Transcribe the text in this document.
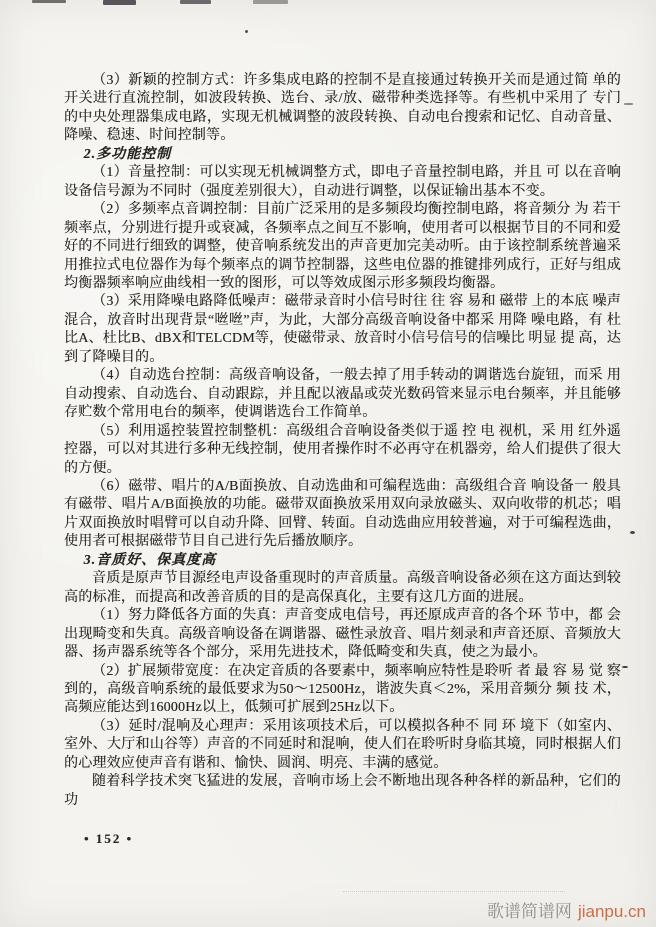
（3）新颖的控制方式：许多集成电路的控制不是直接通过转换开关而是通过简 单的开关进行直流控制，如波段转换、选台、录/放、磁带种类选择等。有些机中采用了 专门 的中央处理器集成电路，实现无机械调整的波段转换、自动电台搜索和记忆、自动音量、降噪、稳速、时间控制等。

2.多功能控制

（1）音量控制：可以实现无机械调整方式，即电子音量控制电路，并且 可 以在音响设备信号源为不同时（强度差别很大），自动进行调整，以保证输出基本不变。

（2）多频率点音调控制：目前广泛采用的是多频段均衡控制电路，将音频分 为 若干频率点，分别进行提升或衰减，各频率点之间互不影响，使用者可以根据节目的不同和爱好的不同进行细致的调整，使音响系统发出的声音更加完美动听。由于该控制系统普遍采用推拉式电位器作为每个频率点的调节控制器，这些电位器的推键排列成行，正好与组成均衡器频率响应曲线相一致的图形，可以等效成图示形多频段均衡器。

（3）采用降噪电路降低噪声：磁带录音时小信号时往 往 容 易和 磁带 上的本底 噪声混合，放音时出现背景“咝咝”声，为此，大部分高级音响设备中都采 用降 噪电路，有 杜比A、杜比B、dBX和TELCDM等，使磁带录、放音时小信号信号的信噪比 明显 提 高，达到了降噪目的。

（4）自动选台控制：高级音响设备，一般去掉了用手转动的调谐选台旋钮，而采 用自动搜索、自动选台、自动跟踪，并且配以液晶或荧光数码管来显示电台频率，并且能够存贮数个常用电台的频率，使调谐选台工作简单。

（5）利用遥控装置控制整机：高级组合音响设备类似于遥 控 电 视机，采 用 红外遥控器，可以对其进行多种无线控制，使用者操作时不必再守在机器旁，给人们提供了很大的方便。

（6）磁带、唱片的A/B面换放、自动选曲和可编程选曲：高级组合音 响设备一 般具有磁带、唱片A/B面换放的功能。磁带双面换放采用双向录放磁头、双向收带的机芯；唱片双面换放时唱臂可以自动升降、回臂、转面。自动选曲应用较普遍，对于可编程选曲，使用者可根据磁带节目自己进行先后播放顺序。

3.音质好、保真度高

音质是原声节目源经电声设备重现时的声音质量。高级音响设备必须在这方面达到较高的标准，而提高和改善音质的目的是高保真化，主要有这几方面的进展。

（1）努力降低各方面的失真：声音变成电信号，再还原成声音的各个环 节中，都 会出现畸变和失真。高级音响设备在调谐器、磁性录放音、唱片刻录和声音还原、音频放大器、扬声器系统等各个部分，采用先进技术，降低畸变和失真，使之为最小。

（2）扩展频带宽度：在决定音质的各要素中，频率响应特性是聆听 者 最 容 易 觉 察到的，高级音响系统的最低要求为50～12500Hz，谐波失真＜2%，采用音频分 频 技 术，高频应能达到16000Hz以上，低频可扩展到25Hz以下。

（3）延时/混响及心理声：采用该项技术后，可以模拟各种不 同 环 境下（如室内、室外、大厅和山谷等）声音的不同延时和混响，使人们在聆听时身临其境，同时根据人们的心理效应使声音有谐和、愉快、圆润、明亮、丰满的感觉。

随着科学技术突飞猛进的发展，音响市场上会不断地出现各种各样的新品种，它们的功

• 152 •
歌谱简谱网 jianpu.cn
